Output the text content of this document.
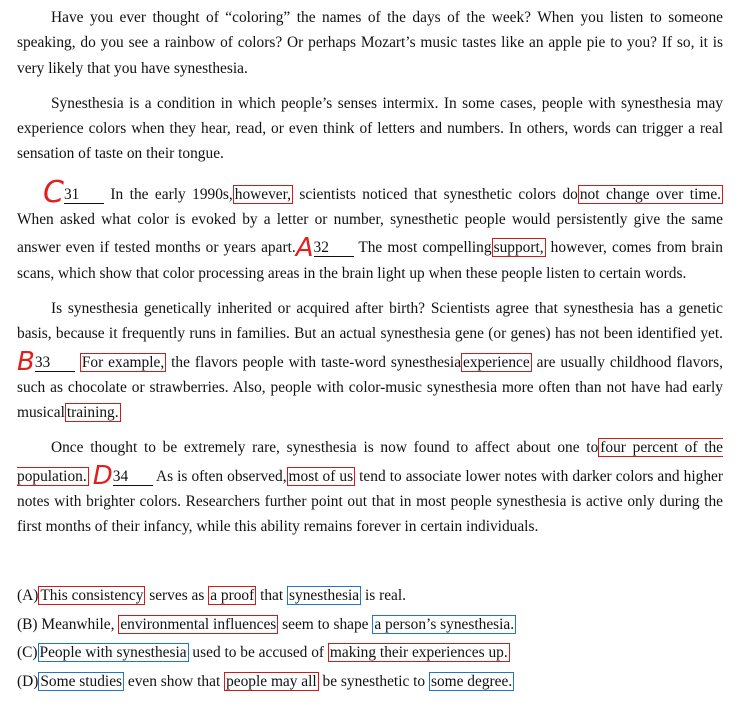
Have you ever thought of “coloring” the names of the days of the week? When you listen to someone speaking, do you see a rainbow of colors? Or perhaps Mozart’s music tastes like an apple pie to you? If so, it is very likely that you have synesthesia.

Synesthesia is a condition in which people’s senses intermix. In some cases, people with synesthesia may experience colors when they hear, read, or even think of letters and numbers. In others, words can trigger a real sensation of taste on their tongue.

C31 In the early 1990s, however, scientists noticed that synesthetic colors do not change over time. When asked what color is evoked by a letter or number, synesthetic people would persistently give the same answer even if tested months or years apart.A32 The most compelling support, however, comes from brain scans, which show that color processing areas in the brain light up when these people listen to certain words.

Is synesthesia genetically inherited or acquired after birth? Scientists agree that synesthesia has a genetic basis, because it frequently runs in families. But an actual synesthesia gene (or genes) has not been identified yet. B33 For example, the flavors people with taste-word synesthesia experience are usually childhood flavors, such as chocolate or strawberries. Also, people with color-music synesthesia more often than not have had early musical training.

Once thought to be extremely rare, synesthesia is now found to affect about one to four percent of the population. D34 As is often observed, most of us tend to associate lower notes with darker colors and higher notes with brighter colors. Researchers further point out that in most people synesthesia is active only during the first months of their infancy, while this ability remains forever in certain individuals.

(A) This consistency serves as a proof that synesthesia is real.
(B) Meanwhile, environmental influences seem to shape a person’s synesthesia.
(C) People with synesthesia used to be accused of making their experiences up.
(D) Some studies even show that people may all be synesthetic to some degree.
